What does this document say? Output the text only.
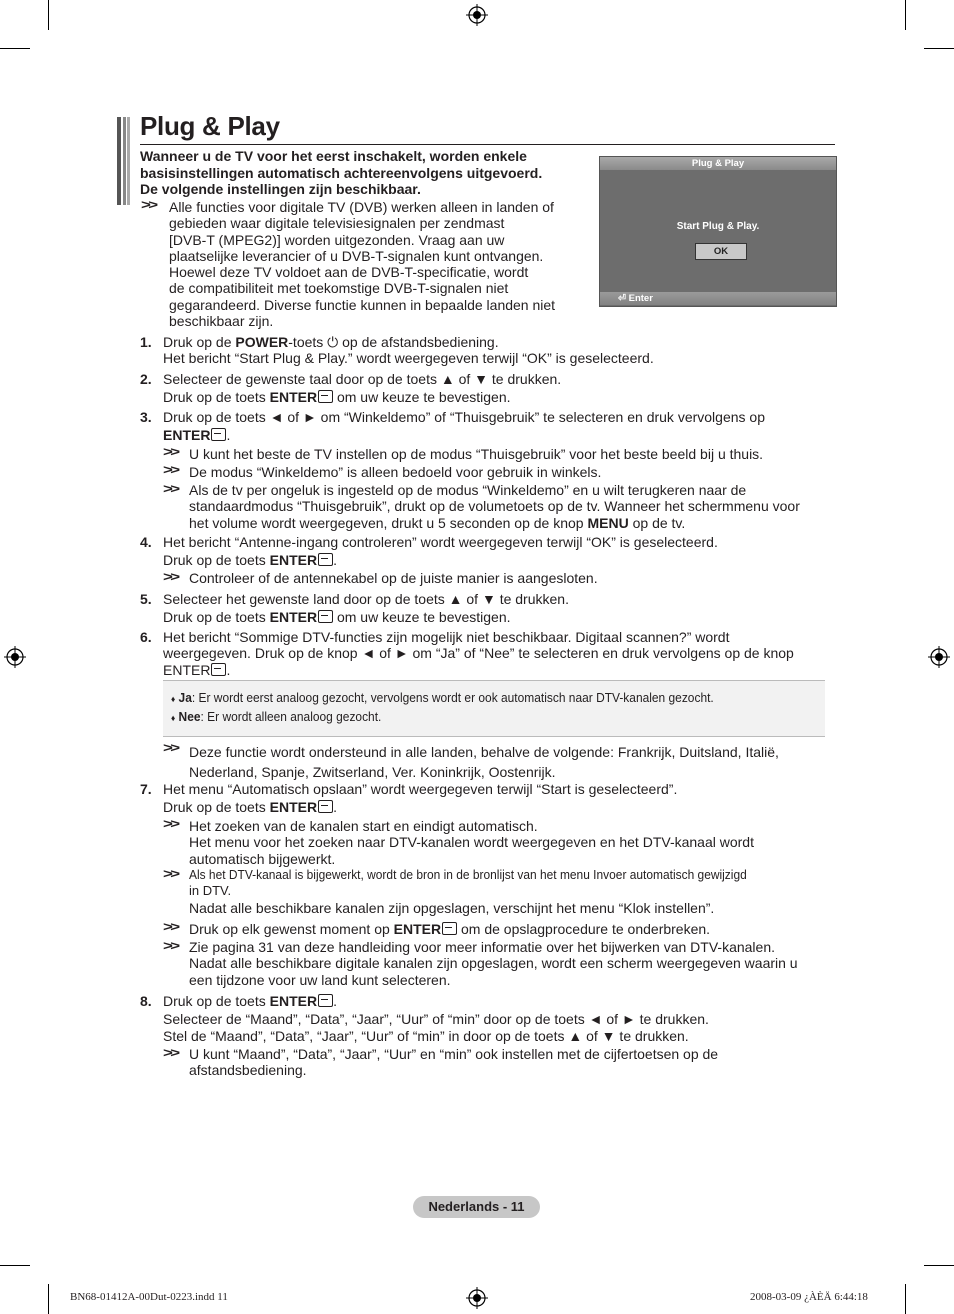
Plug & Play
Wanneer u de TV voor het eerst inschakelt, worden enkele
basisinstellingen automatisch achtereenvolgens uitgevoerd.
De volgende instellingen zijn beschikbaar.
>> Alle functies voor digitale TV (DVB) werken alleen in landen of
gebieden waar digitale televisiesignalen per zendmast
[DVB-T (MPEG2)] worden uitgezonden. Vraag aan uw
plaatselijke leverancier of u DVB-T-signalen kunt ontvangen.
Hoewel deze TV voldoet aan de DVB-T-specificatie, wordt
de compatibiliteit met toekomstige DVB-T-signalen niet
gegarandeerd. Diverse functie kunnen in bepaalde landen niet
beschikbaar zijn.
Plug & Play
Start Plug & Play.
OK
⏎ Enter
1. Druk op de POWER-toets ⏻ op de afstandsbediening.
Het bericht “Start Plug & Play.” wordt weergegeven terwijl “OK” is geselecteerd.
2. Selecteer de gewenste taal door op de toets ▲ of ▼ te drukken.
Druk op de toets ENTER om uw keuze te bevestigen.
3. Druk op de toets ◄ of ► om “Winkeldemo” of “Thuisgebruik” te selecteren en druk vervolgens op
ENTER .
>> U kunt het beste de TV instellen op de modus “Thuisgebruik” voor het beste beeld bij u thuis.
>> De modus “Winkeldemo” is alleen bedoeld voor gebruik in winkels.
>> Als de tv per ongeluk is ingesteld op de modus “Winkeldemo” en u wilt terugkeren naar de
standaardmodus “Thuisgebruik”, drukt op de volumetoets op de tv. Wanneer het schermmenu voor
het volume wordt weergegeven, drukt u 5 seconden op de knop MENU op de tv.
4. Het bericht “Antenne-ingang controleren” wordt weergegeven terwijl “OK” is geselecteerd.
Druk op de toets ENTER .
>> Controleer of de antennekabel op de juiste manier is aangesloten.
5. Selecteer het gewenste land door op de toets ▲ of ▼ te drukken.
Druk op de toets ENTER om uw keuze te bevestigen.
6. Het bericht “Sommige DTV-functies zijn mogelijk niet beschikbaar. Digitaal scannen?” wordt
weergegeven. Druk op de knop ◄ of ► om “Ja” of “Nee” te selecteren en druk vervolgens op de knop
ENTER .
♦ Ja: Er wordt eerst analoog gezocht, vervolgens wordt er ook automatisch naar DTV-kanalen gezocht.
♦ Nee: Er wordt alleen analoog gezocht.
>> Deze functie wordt ondersteund in alle landen, behalve de volgende: Frankrijk, Duitsland, Italië,
Nederland, Spanje, Zwitserland, Ver. Koninkrijk, Oostenrijk.
7. Het menu “Automatisch opslaan” wordt weergegeven terwijl “Start is geselecteerd”.
Druk op de toets ENTER .
>> Het zoeken van de kanalen start en eindigt automatisch.
Het menu voor het zoeken naar DTV-kanalen wordt weergegeven en het DTV-kanaal wordt
automatisch bijgewerkt.
>> Als het DTV-kanaal is bijgewerkt, wordt de bron in de bronlijst van het menu Invoer automatisch gewijzigd
in DTV.
Nadat alle beschikbare kanalen zijn opgeslagen, verschijnt het menu “Klok instellen”.
>> Druk op elk gewenst moment op ENTER om de opslagprocedure te onderbreken.
>> Zie pagina 31 van deze handleiding voor meer informatie over het bijwerken van DTV-kanalen.
Nadat alle beschikbare digitale kanalen zijn opgeslagen, wordt een scherm weergegeven waarin u
een tijdzone voor uw land kunt selecteren.
8. Druk op de toets ENTER .
Selecteer de “Maand”, “Data”, “Jaar”, “Uur” of “min” door op de toets ◄ of ► te drukken.
Stel de “Maand”, “Data”, “Jaar”, “Uur” of “min” in door op de toets ▲ of ▼ te drukken.
>> U kunt “Maand”, “Data”, “Jaar”, “Uur” en “min” ook instellen met de cijfertoetsen op de
afstandsbediening.
Nederlands - 11
BN68-01412A-00Dut-0223.indd 11	2008-03-09 ¿ÀÈÄ 6:44:18
